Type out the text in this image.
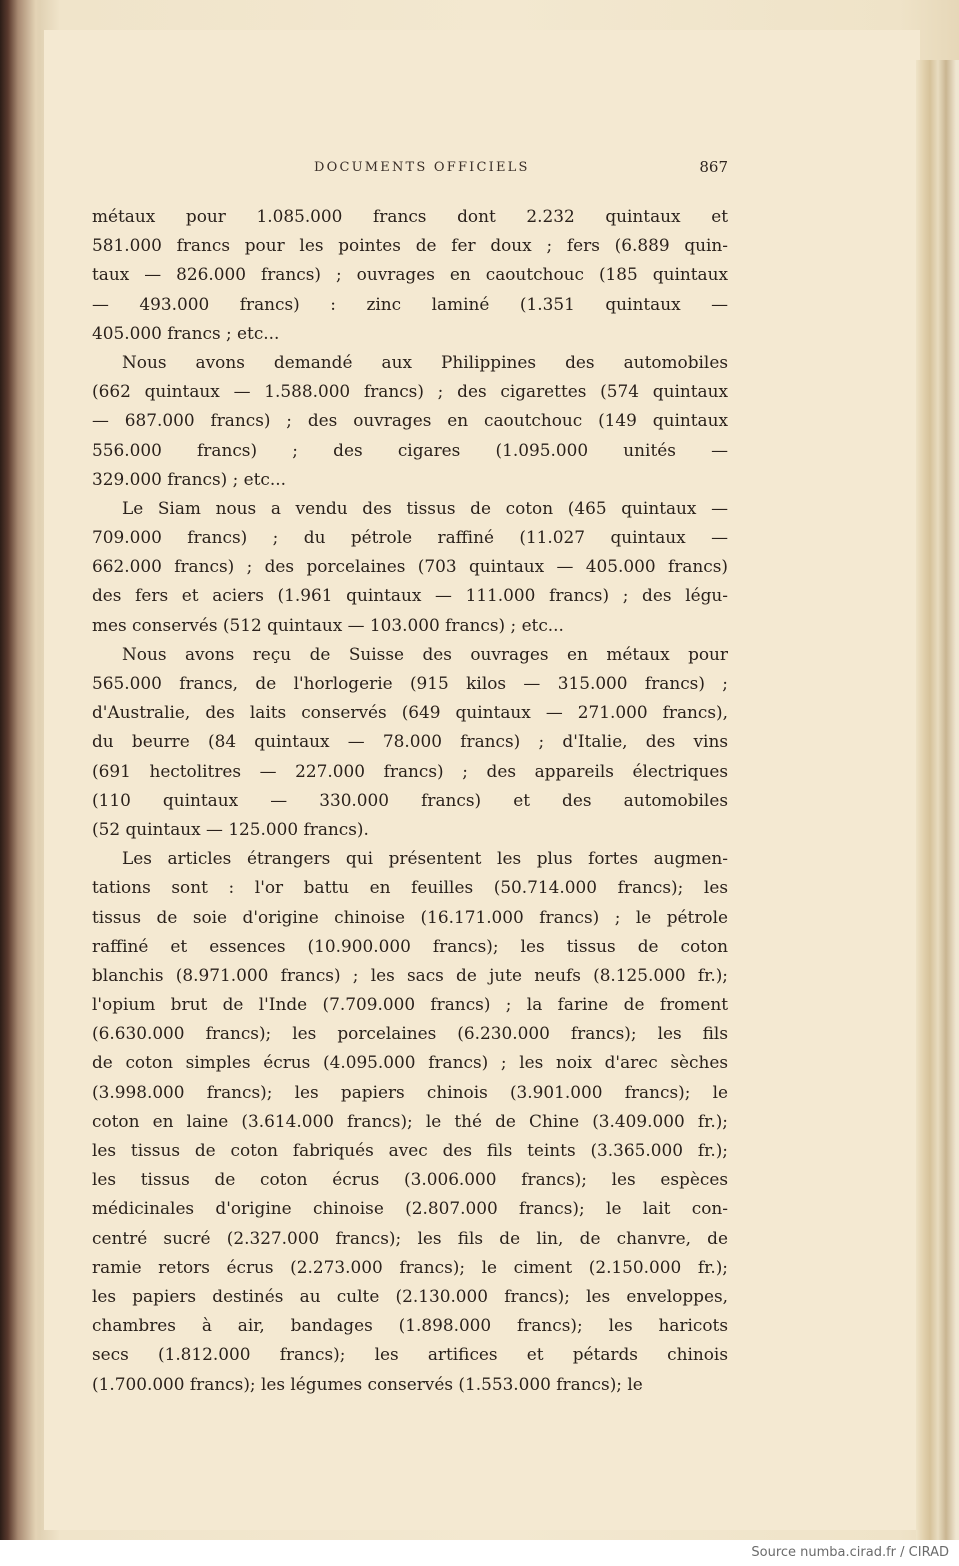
DOCUMENTS OFFICIELS	867
métaux pour 1.085.000 francs dont 2.232 quintaux et
581.000 francs pour les pointes de fer doux ; fers (6.889 quin-
taux — 826.000 francs) ; ouvrages en caoutchouc (185 quintaux
— 493.000 francs) : zinc laminé (1.351 quintaux —
405.000 francs ; etc...
Nous avons demandé aux Philippines des automobiles
(662 quintaux — 1.588.000 francs) ; des cigarettes (574 quintaux
— 687.000 francs) ; des ouvrages en caoutchouc (149 quintaux
556.000 francs) ; des cigares (1.095.000 unités —
329.000 francs) ; etc...
Le Siam nous a vendu des tissus de coton (465 quintaux —
709.000 francs) ; du pétrole raffiné (11.027 quintaux —
662.000 francs) ; des porcelaines (703 quintaux — 405.000 francs)
des fers et aciers (1.961 quintaux — 111.000 francs) ; des légu-
mes conservés (512 quintaux — 103.000 francs) ; etc...
Nous avons reçu de Suisse des ouvrages en métaux pour
565.000 francs, de l'horlogerie (915 kilos — 315.000 francs) ;
d'Australie, des laits conservés (649 quintaux — 271.000 francs),
du beurre (84 quintaux — 78.000 francs) ; d'Italie, des vins
(691 hectolitres — 227.000 francs) ; des appareils électriques
(110 quintaux — 330.000 francs) et des automobiles
(52 quintaux — 125.000 francs).
Les articles étrangers qui présentent les plus fortes augmen-
tations sont : l'or battu en feuilles (50.714.000 francs); les
tissus de soie d'origine chinoise (16.171.000 francs) ; le pétrole
raffiné et essences (10.900.000 francs); les tissus de coton
blanchis (8.971.000 francs) ; les sacs de jute neufs (8.125.000 fr.);
l'opium brut de l'Inde (7.709.000 francs) ; la farine de froment
(6.630.000 francs); les porcelaines (6.230.000 francs); les fils
de coton simples écrus (4.095.000 francs) ; les noix d'arec sèches
(3.998.000 francs); les papiers chinois (3.901.000 francs); le
coton en laine (3.614.000 francs); le thé de Chine (3.409.000 fr.);
les tissus de coton fabriqués avec des fils teints (3.365.000 fr.);
les tissus de coton écrus (3.006.000 francs); les espèces
médicinales d'origine chinoise (2.807.000 francs); le lait con-
centré sucré (2.327.000 francs); les fils de lin, de chanvre, de
ramie retors écrus (2.273.000 francs); le ciment (2.150.000 fr.);
les papiers destinés au culte (2.130.000 francs); les enveloppes,
chambres à air, bandages (1.898.000 francs); les haricots
secs (1.812.000 francs); les artifices et pétards chinois
(1.700.000 francs); les légumes conservés (1.553.000 francs); le
Source numba.cirad.fr / CIRAD
